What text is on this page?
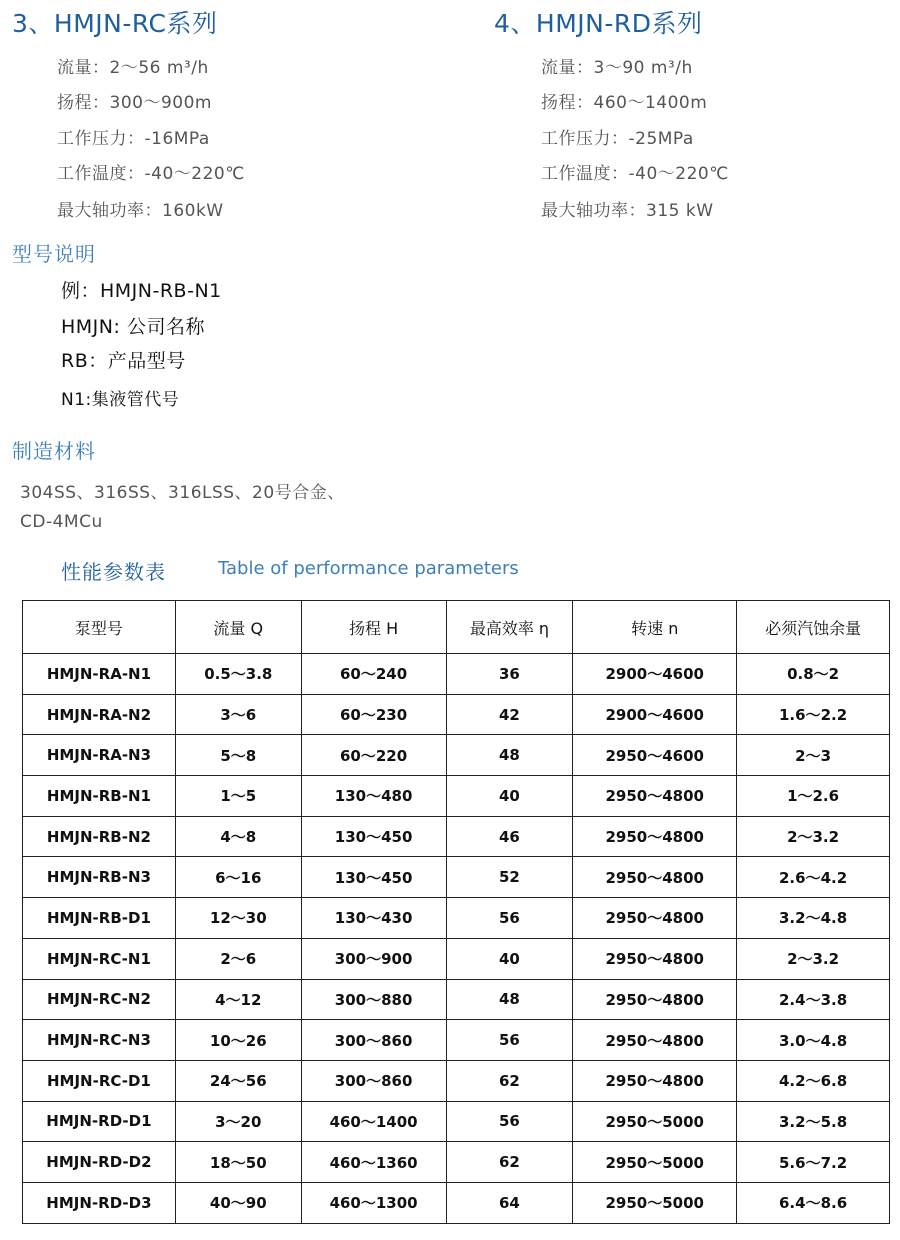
3、HMJN-RC系列
流量：2～56 m³/h
扬程：300～900m
工作压力：-16MPa
工作温度：-40～220℃
最大轴功率：160kW
4、HMJN-RD系列
流量：3～90 m³/h
扬程：460～1400m
工作压力：-25MPa
工作温度：-40～220℃
最大轴功率：315 kW
型号说明
例：HMJN-RB-N1
HMJN: 公司名称
RB：产品型号
N1:集液管代号
制造材料
304SS、316SS、316LSS、20号合金、
CD-4MCu
性能参数表	Table of performance parameters
泵型号	流量 Q	扬程 H	最高效率 η	转速 n	必须汽蚀余量
HMJN-RA-N1	0.5～3.8	60～240	36	2900～4600	0.8～2
HMJN-RA-N2	3～6	60～230	42	2900～4600	1.6～2.2
HMJN-RA-N3	5～8	60～220	48	2950～4600	2～3
HMJN-RB-N1	1～5	130～480	40	2950～4800	1～2.6
HMJN-RB-N2	4～8	130～450	46	2950～4800	2～3.2
HMJN-RB-N3	6～16	130～450	52	2950～4800	2.6～4.2
HMJN-RB-D1	12～30	130～430	56	2950～4800	3.2～4.8
HMJN-RC-N1	2～6	300～900	40	2950～4800	2～3.2
HMJN-RC-N2	4～12	300～880	48	2950～4800	2.4～3.8
HMJN-RC-N3	10～26	300～860	56	2950～4800	3.0～4.8
HMJN-RC-D1	24～56	300～860	62	2950～4800	4.2～6.8
HMJN-RD-D1	3～20	460～1400	56	2950～5000	3.2～5.8
HMJN-RD-D2	18～50	460～1360	62	2950～5000	5.6～7.2
HMJN-RD-D3	40～90	460～1300	64	2950～5000	6.4～8.6
